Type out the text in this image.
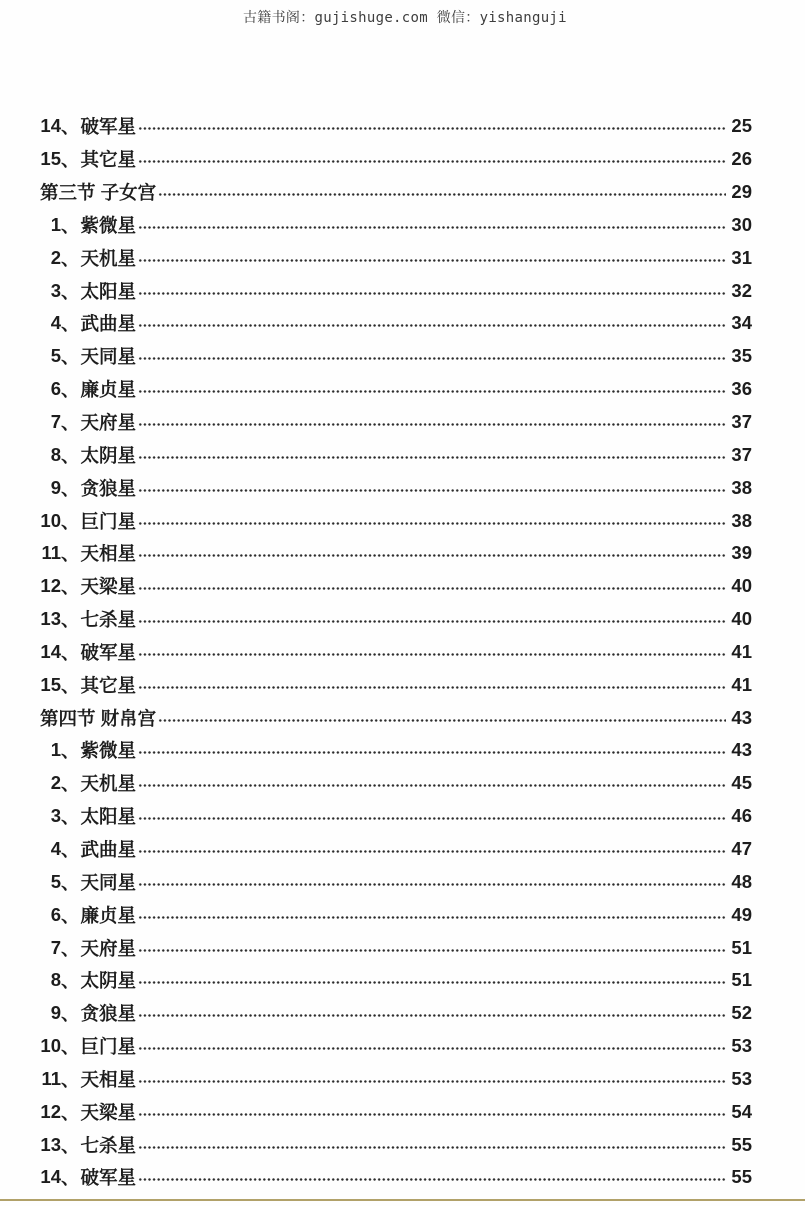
古籍书阁：gujishuge.com 微信：yishanguji
14 、 破军星	25
15 、 其它星	26
第三节 子女宫	29
1 、 紫微星	30
2 、 天机星	31
3 、 太阳星	32
4 、 武曲星	34
5 、 天同星	35
6 、 廉贞星	36
7 、 天府星	37
8 、 太阴星	37
9 、 贪狼星	38
10 、 巨门星	38
11 、 天相星	39
12 、 天梁星	40
13 、 七杀星	40
14 、 破军星	41
15 、 其它星	41
第四节 财帛宫	43
1 、 紫微星	43
2 、 天机星	45
3 、 太阳星	46
4 、 武曲星	47
5 、 天同星	48
6 、 廉贞星	49
7 、 天府星	51
8 、 太阴星	51
9 、 贪狼星	52
10 、 巨门星	53
11 、 天相星	53
12 、 天梁星	54
13 、 七杀星	55
14 、 破军星	55
